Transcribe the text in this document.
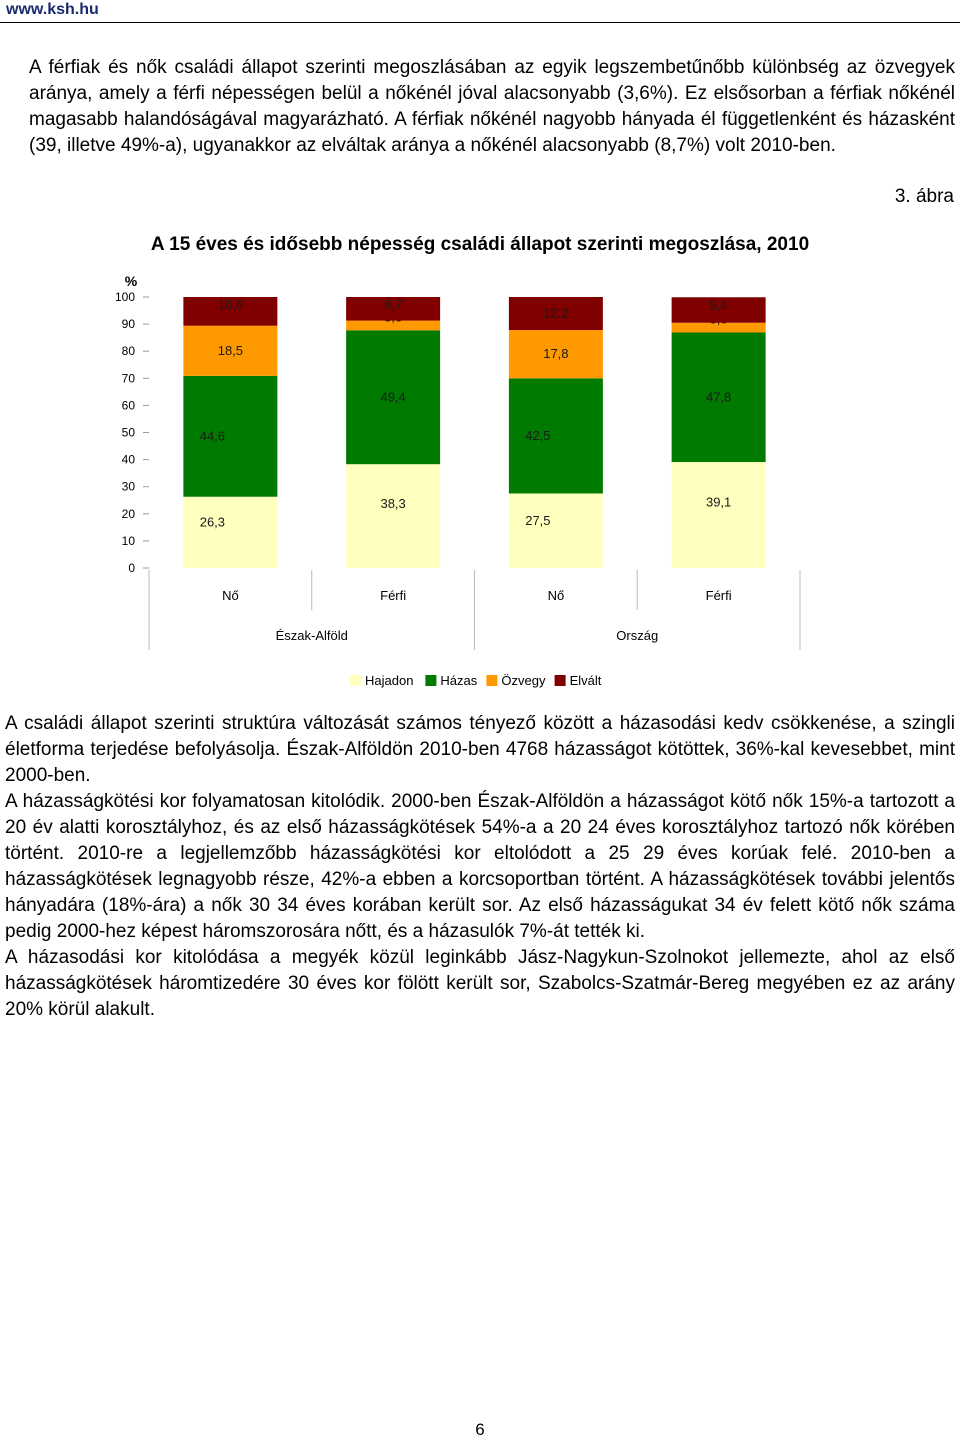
www.ksh.hu

A férfiak és nők családi állapot szerinti megoszlásában az egyik legszembetűnőbb különbség az özvegyek aránya, amely a férfi népességen belül a nőkénél jóval alacsonyabb (3,6%). Ez elsősorban a férfiak nőkénél magasabb halandóságával magyarázható. A férfiak nőkénél nagyobb hányada él függetlenként és házasként (39, illetve 49%-a), ugyanakkor az elváltak aránya a nőkénél alacsonyabb (8,7%) volt 2010-ben.

3. ábra
A 15 éves és idősebb népesség családi állapot szerinti megoszlása, 2010
0
10
20
30
40
50
60
70
80
90
100
%
26,3
44,6
18,5
10,6
Nő
38,3
49,4
8,7
Férfi
27,5
42,5
17,8
12,2
Nő
39,1
47,8
9,4
Férfi
Észak-Alföld	Ország
Hajadon Házas Özvegy Elvált
A családi állapot szerinti struktúra változását számos tényező között a házasodási kedv csökkenése, a szingli életforma terjedése befolyásolja. Észak-Alföldön 2010-ben 4768 házasságot kötöttek, 36%-kal kevesebbet, mint 2000-ben.
A házasságkötési kor folyamatosan kitolódik. 2000-ben Észak-Alföldön a házasságot kötő nők 15%-a tartozott a 20 év alatti korosztályhoz, és az első házasságkötések 54%-a a 20 24 éves korosztályhoz tartozó nők körében történt. 2010-re a legjellemzőbb házasságkötési kor eltolódott a 25 29 éves korúak felé. 2010-ben a házasságkötések legnagyobb része, 42%-a ebben a korcsoportban történt. A házasságkötések további jelentős hányadára (18%-ára) a nők 30 34 éves korában került sor. Az első házasságukat 34 év felett kötő nők száma pedig 2000-hez képest háromszorosára nőtt, és a házasulók 7%-át tették ki.
A házasodási kor kitolódása a megyék közül leginkább Jász-Nagykun-Szolnokot jellemezte, ahol az első házasságkötések háromtizedére 30 éves kor fölött került sor, Szabolcs-Szatmár-Bereg megyében ez az arány 20% körül alakult.
6
